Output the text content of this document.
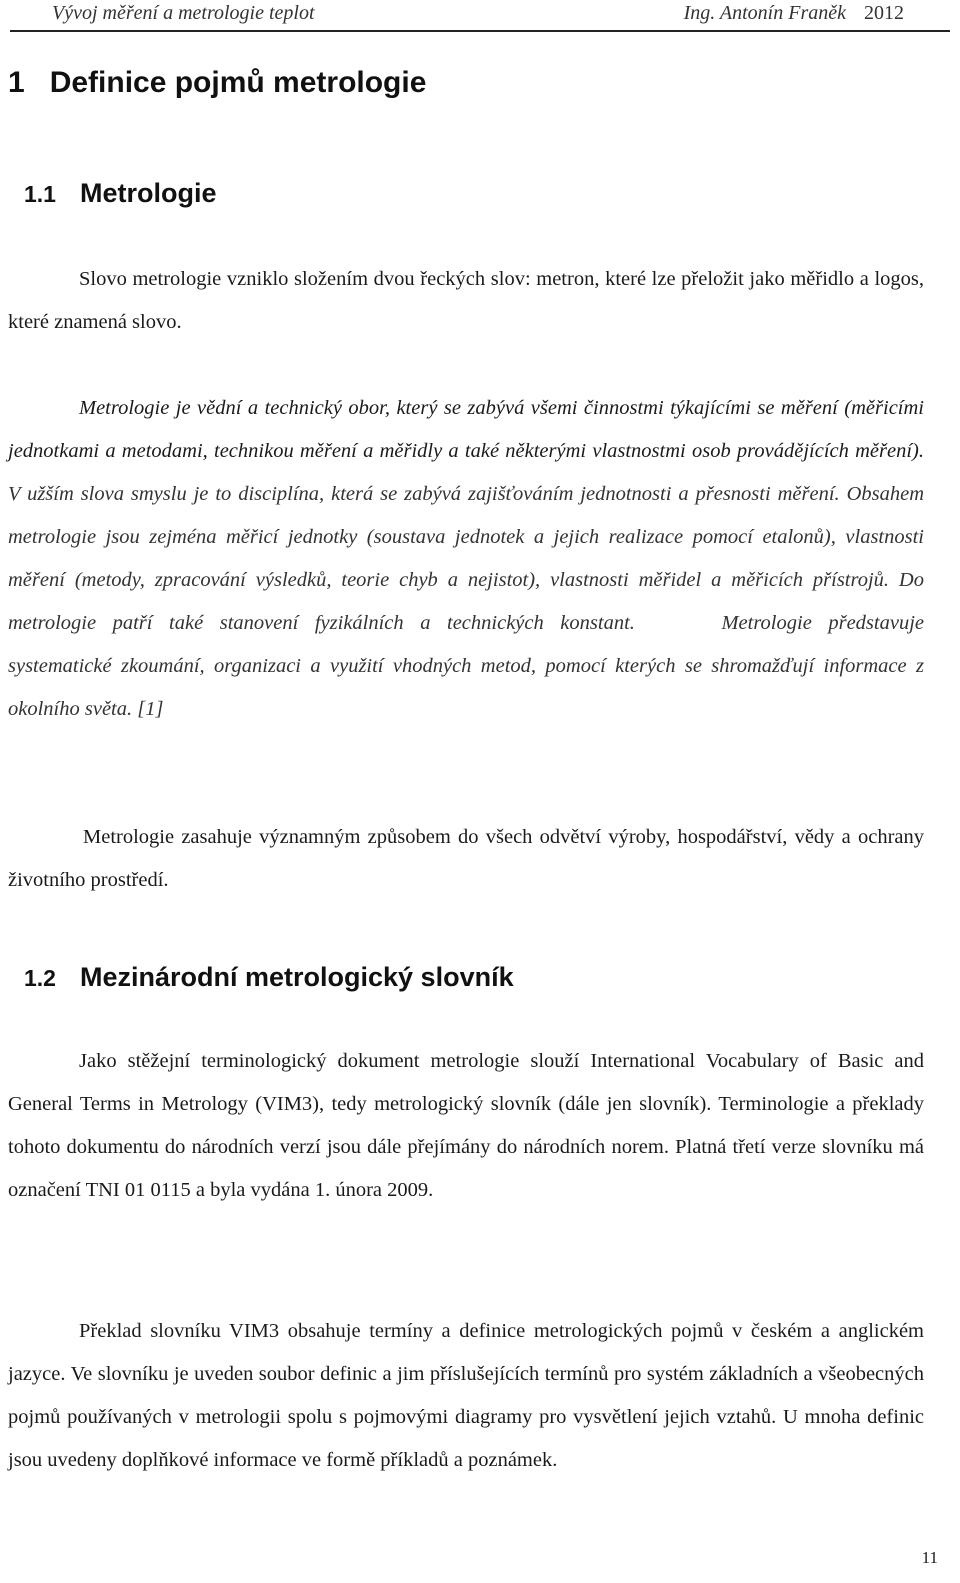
Vývoj měření a metrologie teplot	Ing. Antonín Franěk 2012
1   Definice pojmů metrologie
1.1 Metrologie
Slovo metrologie vzniklo složením dvou řeckých slov: metron, které lze přeložit jako měřidlo a logos, které znamená slovo.
Metrologie je vědní a technický obor, který se zabývá všemi činnostmi týkajícími se měření (měřicími jednotkami a metodami, technikou měření a měřidly a také některými vlastnostmi osob provádějících měření). V užším slova smyslu je to disciplína, která se zabývá zajišťováním jednotnosti a přesnosti měření. Obsahem metrologie jsou zejména měřicí jednotky (soustava jednotek a jejich realizace pomocí etalonů), vlastnosti měření (metody, zpracování výsledků, teorie chyb a nejistot), vlastnosti měřidel a měřicích přístrojů. Do metrologie patří také stanovení fyzikálních a technických konstant.	Metrologie představuje systematické zkoumání, organizaci a využití vhodných metod, pomocí kterých se shromažďují informace z okolního světa. [1]
Metrologie zasahuje významným způsobem do všech odvětví výroby, hospodářství, vědy a ochrany životního prostředí.
1.2 Mezinárodní metrologický slovník
Jako stěžejní terminologický dokument metrologie slouží International Vocabulary of Basic and General Terms in Metrology (VIM3), tedy metrologický slovník (dále jen slovník). Terminologie a překlady tohoto dokumentu do národních verzí jsou dále přejímány do národních norem. Platná třetí verze slovníku má označení TNI 01 0115 a byla vydána 1. února 2009.
Překlad slovníku VIM3 obsahuje termíny a definice metrologických pojmů v českém a anglickém jazyce. Ve slovníku je uveden soubor definic a jim příslušejících termínů pro systém základních a všeobecných pojmů používaných v metrologii spolu s pojmovými diagramy pro vysvětlení jejich vztahů. U mnoha definic jsou uvedeny doplňkové informace ve formě příkladů a poznámek.
11
